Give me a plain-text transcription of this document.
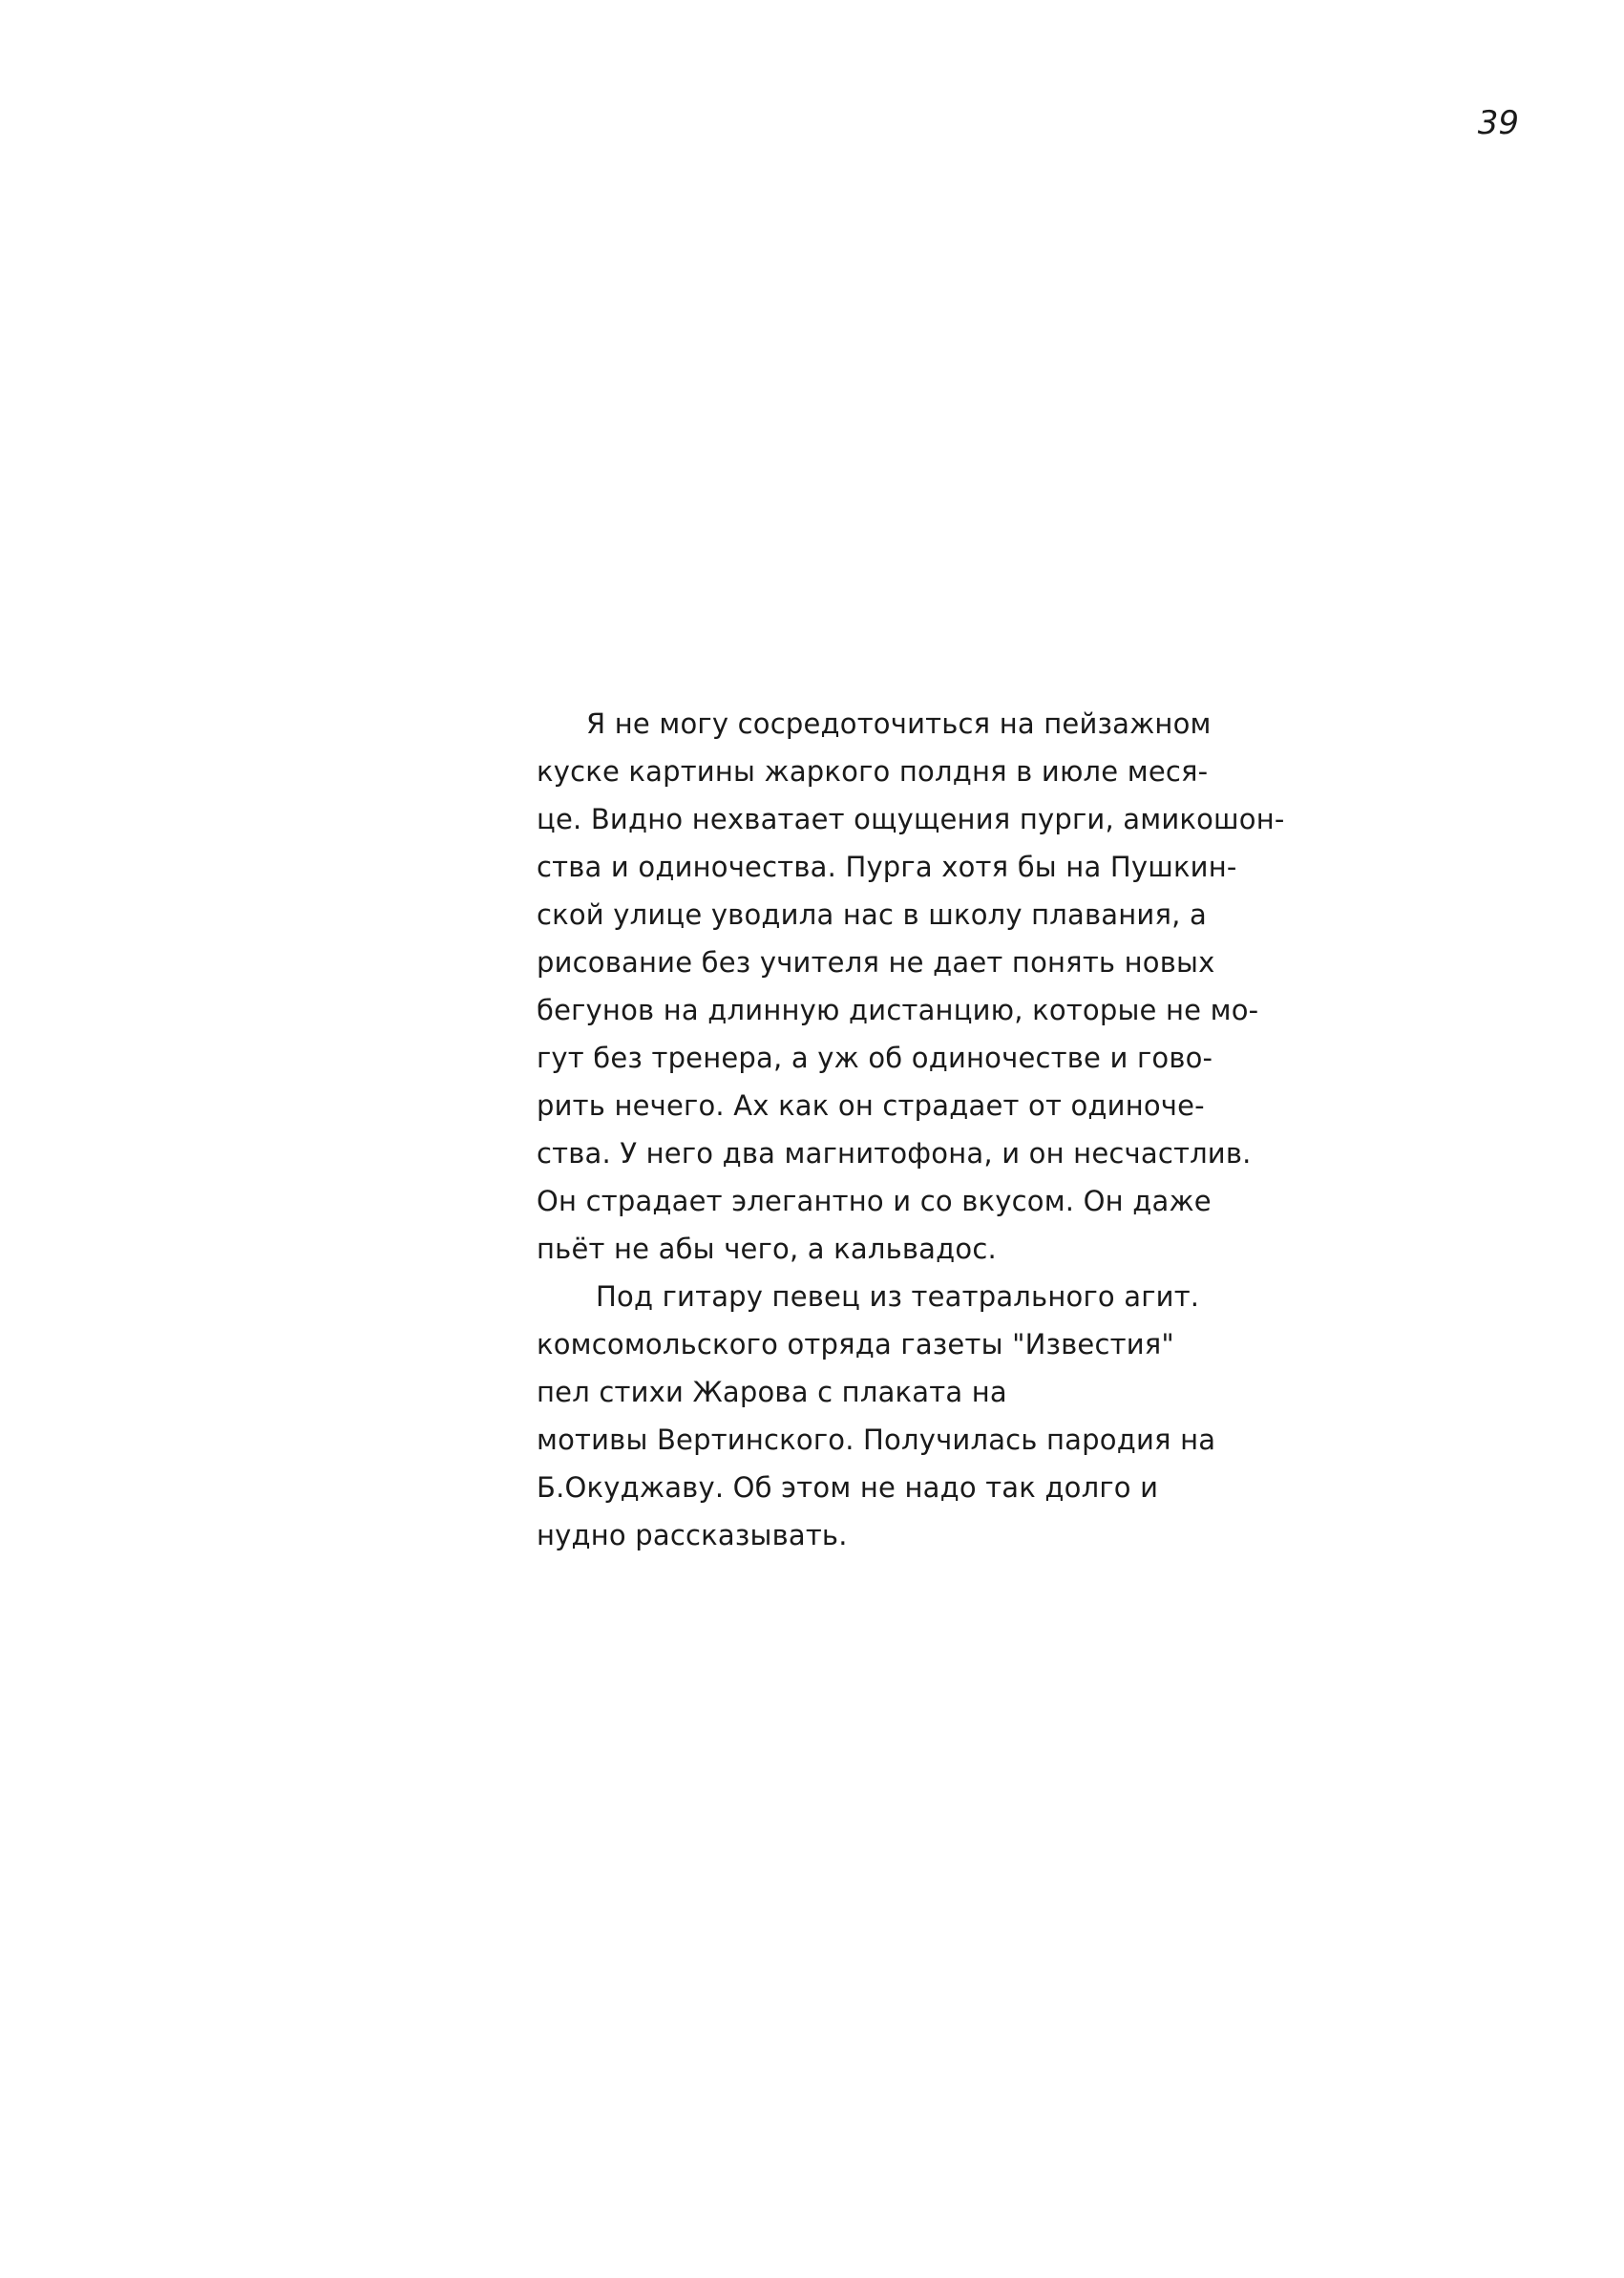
39
Я не могу сосредоточиться на пейзажном
куске картины жаркого полдня в июле меся-
це. Видно нехватает ощущения пурги, амикошон-
ства и одиночества. Пурга хотя бы на Пушкин-
ской улице уводила нас в школу плавания, а
рисование без учителя не дает понять новых
бегунов на длинную дистанцию, которые не мо-
гут без тренера, а уж об одиночестве и гово-
рить нечего. Ах как он страдает от одиноче-
ства. У него два магнитофона, и он несчастлив.
Он страдает элегантно и со вкусом. Он даже
пьёт не абы чего, а кальвадос.
Под гитару певец из театрального агит.
комсомольского отряда газеты "Известия"
пел стихи Жарова с плаката на
мотивы Вертинского. Получилась пародия на
Б.Окуджаву. Об этом не надо так долго и
нудно рассказывать.
